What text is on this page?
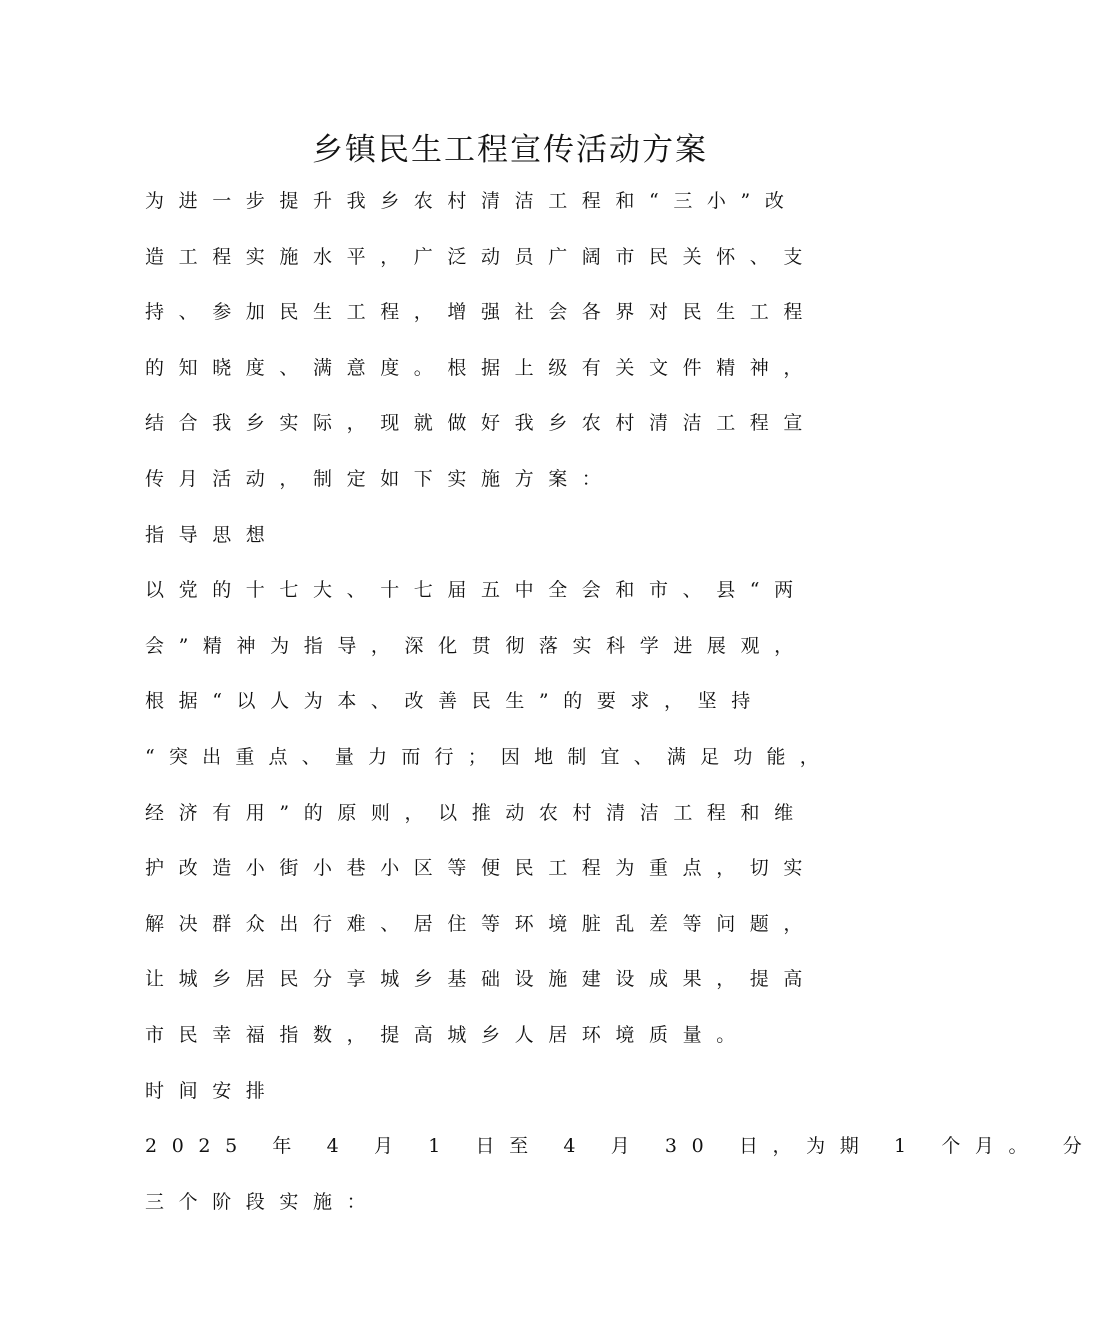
乡镇民生工程宣传活动方案
为进一步提升我乡农村清洁工程和“三小”改
造工程实施水平，广泛动员广阔市民关怀、支
持、参加民生工程，增强社会各界对民生工程
的知晓度、满意度。根据上级有关文件精神，
结合我乡实际，现就做好我乡农村清洁工程宣
传月活动，制定如下实施方案：
指导思想
以党的十七大、十七届五中全会和市、县“两
会”精神为指导，深化贯彻落实科学进展观，
根据“以人为本、改善民生”的要求，坚持
“突出重点、量力而行；因地制宜、满足功能，
经济有用”的原则，以推动农村清洁工程和维
护改造小街小巷小区等便民工程为重点，切实
解决群众出行难、居住等环境脏乱差等问题，
让城乡居民分享城乡基础设施建设成果，提高
市民幸福指数，提高城乡人居环境质量。
时间安排
2025 年 4 月 1 日至 4 月 30 日，为期 1 个月。 分
三个阶段实施：
